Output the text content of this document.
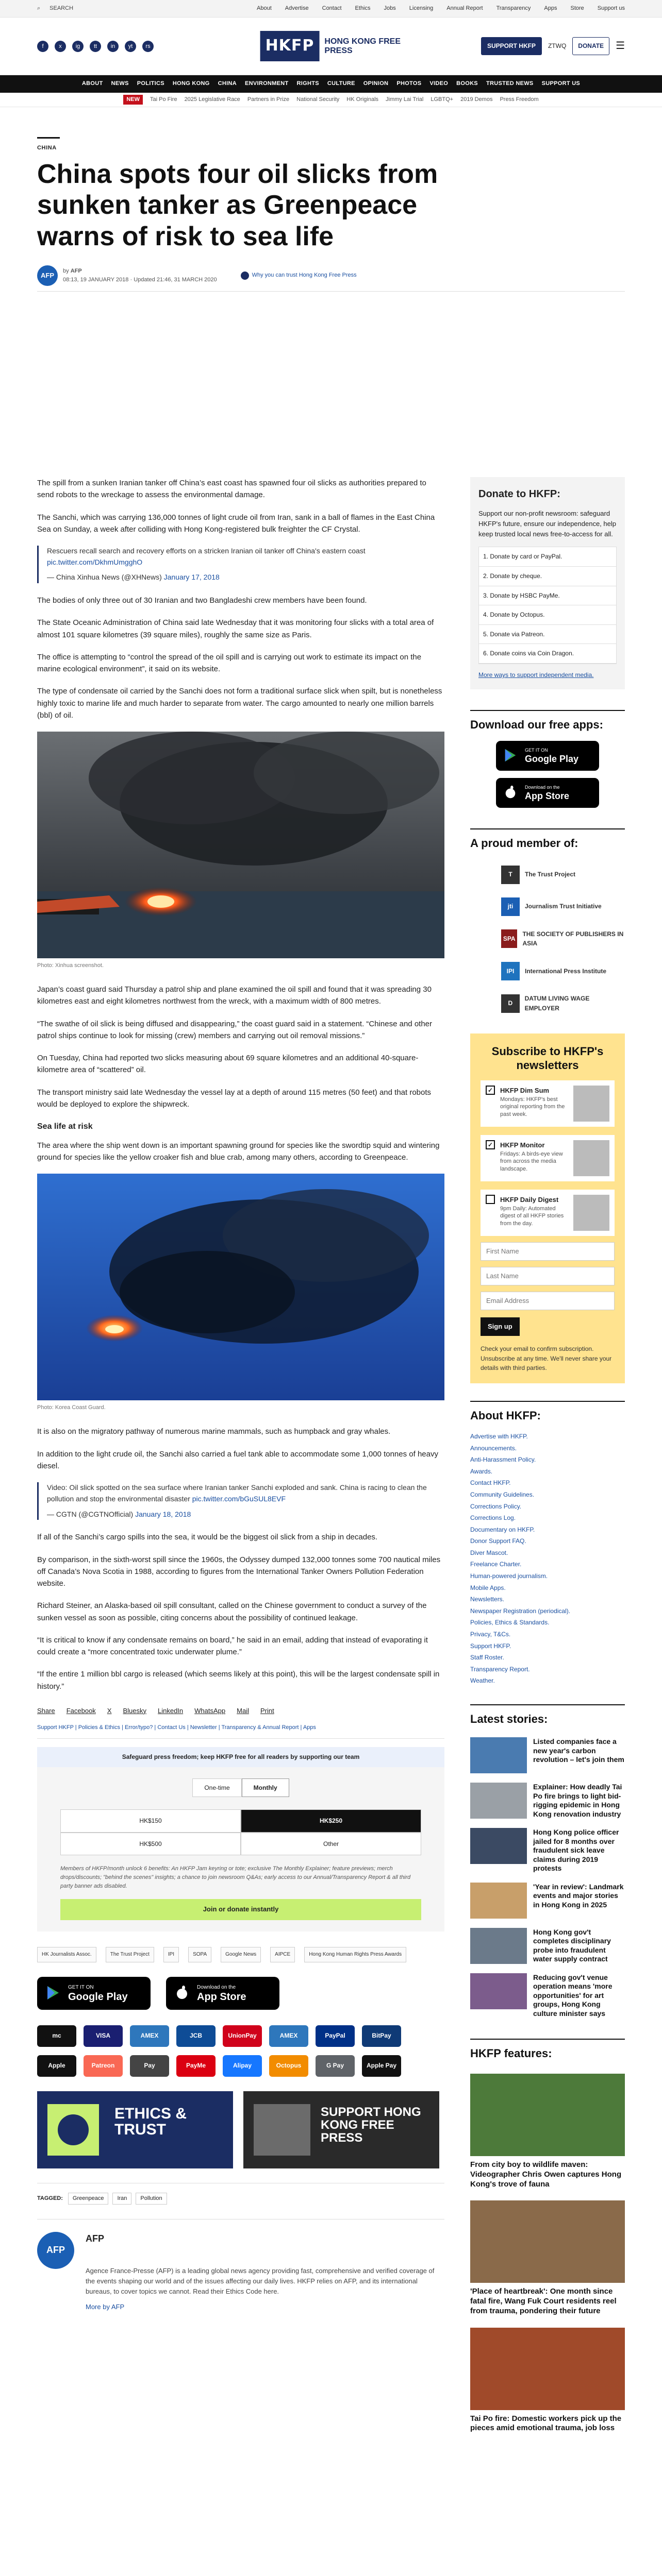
⌕ SEARCH	About Advertise Contact Ethics Jobs Licensing Annual Report Transparency Apps Store Support us
f	x	ig	tt	in	yt	rs	HKFP	HONG KONG FREE PRESS
SUPPORT HKFP	ZTWQ	DONATE	☰
ABOUT NEWS POLITICS HONG KONG CHINA ENVIRONMENT RIGHTS CULTURE OPINION PHOTOS VIDEO BOOKS TRUSTED NEWS SUPPORT US
NEW	Tai Po Fire 2025 Legislative Race Partners in Prize National Security HK Originals Jimmy Lai Trial LGBTQ+ 2019 Demos Press Freedom
CHINA
China spots four oil slicks from sunken tanker as Greenpeace warns of risk to sea life
AFP
by AFP
08:13, 19 JANUARY 2018 · Updated 21:46, 31 MARCH 2020
Why you can trust Hong Kong Free Press

The spill from a sunken Iranian tanker off China’s east coast has spawned four oil slicks as authorities prepared to send robots to the wreckage to assess the environmental damage.

The Sanchi, which was carrying 136,000 tonnes of light crude oil from Iran, sank in a ball of flames in the East China Sea on Sunday, a week after colliding with Hong Kong-registered bulk freighter the CF Crystal.

Rescuers recall search and recovery efforts on a stricken Iranian oil tanker off China's eastern coast pic.twitter.com/DkhmUmgghO
— China Xinhua News (@XHNews) January 17, 2018

The bodies of only three out of 30 Iranian and two Bangladeshi crew members have been found.

The State Oceanic Administration of China said late Wednesday that it was monitoring four slicks with a total area of almost 101 square kilometres (39 square miles), roughly the same size as Paris.

The office is attempting to “control the spread of the oil spill and is carrying out work to estimate its impact on the marine ecological environment”, it said on its website.

The type of condensate oil carried by the Sanchi does not form a traditional surface slick when spilt, but is nonetheless highly toxic to marine life and much harder to separate from water. The cargo amounted to nearly one million barrels (bbl) of oil.

Photo: Xinhua screenshot.

Japan’s coast guard said Thursday a patrol ship and plane examined the oil spill and found that it was spreading 30 kilometres east and eight kilometres northwest from the wreck, with a maximum width of 800 metres.

“The swathe of oil slick is being diffused and disappearing,” the coast guard said in a statement. “Chinese and other patrol ships continue to look for missing (crew) members and carrying out oil removal missions.”

On Tuesday, China had reported two slicks measuring about 69 square kilometres and an additional 40-square-kilometre area of “scattered” oil.

The transport ministry said late Wednesday the vessel lay at a depth of around 115 metres (50 feet) and that robots would be deployed to explore the shipwreck.

Sea life at risk

The area where the ship went down is an important spawning ground for species like the swordtip squid and wintering ground for species like the yellow croaker fish and blue crab, among many others, according to Greenpeace.

Photo: Korea Coast Guard.

It is also on the migratory pathway of numerous marine mammals, such as humpback and gray whales.

In addition to the light crude oil, the Sanchi also carried a fuel tank able to accommodate some 1,000 tonnes of heavy diesel.

Video: Oil slick spotted on the sea surface where Iranian tanker Sanchi exploded and sank. China is racing to clean the pollution and stop the environmental disaster pic.twitter.com/bGuSUL8EVF
— CGTN (@CGTNOfficial) January 18, 2018

If all of the Sanchi’s cargo spills into the sea, it would be the biggest oil slick from a ship in decades.

By comparison, in the sixth-worst spill since the 1960s, the Odyssey dumped 132,000 tonnes some 700 nautical miles off Canada’s Nova Scotia in 1988, according to figures from the International Tanker Owners Pollution Federation website.

Richard Steiner, an Alaska-based oil spill consultant, called on the Chinese government to conduct a survey of the sunken vessel as soon as possible, citing concerns about the possibility of continued leakage.

“It is critical to know if any condensate remains on board,” he said in an email, adding that instead of evaporating it could create a “more concentrated toxic underwater plume.”

“If the entire 1 million bbl cargo is released (which seems likely at this point), this will be the largest condensate spill in history.”

Share Facebook X Bluesky LinkedIn WhatsApp Mail Print
Support HKFP | Policies & Ethics | Error/typo? | Contact Us | Newsletter | Transparency & Annual Report | Apps
Safeguard press freedom; keep HKFP free for all readers by supporting our team
One-time	Monthly
HK$150	HK$250
HK$500	Other
Members of HKFP/month unlock 6 benefits: An HKFP Jam keyring or tote; exclusive The Monthly Explainer; feature previews; merch drops/discounts; "behind the scenes" insights; a chance to join newsroom Q&As; early access to our Annual/Transparency Report & all third party banner ads disabled.
Join or donate instantly
HK Journalists Assoc.	The Trust Project	IPI	SOPA	Google News	AIPCE	Hong Kong Human Rights Press Awards
GET IT ON
Google Play
Download on the
App Store
mc	VISA	AMEX	JCB	UnionPay	AMEX	PayPal	BitPay
Apple	Patreon	Pay	PayMe	Alipay	Octopus	G Pay	Apple Pay
ETHICS & TRUST
SUPPORT HONG KONG FREE PRESS
TAGGED:	Greenpeace	Iran	Pollution
AFP
AFP
Agence France-Presse (AFP) is a leading global news agency providing fast, comprehensive and verified coverage of the events shaping our world and of the issues affecting our daily lives. HKFP relies on AFP, and its international bureaus, to cover topics we cannot. Read their Ethics Code here.
More by AFP
Donate to HKFP:
Support our non-profit newsroom: safeguard HKFP's future, ensure our independence, help keep trusted local news free-to-access for all.
1. Donate by card or PayPal.
2. Donate by cheque.
3. Donate by HSBC PayMe.
4. Donate by Octopus.
5. Donate via Patreon.
6. Donate coins via Coin Dragon.
More ways to support independent media.
Download our free apps:
GET IT ON
Google Play
Download on the
App Store
A proud member of:
T	The Trust Project
jti	Journalism Trust Initiative
SPA
THE SOCIETY OF PUBLISHERS IN ASIA
IPI	International Press Institute
D
DATUM LIVING WAGE EMPLOYER
Subscribe to HKFP's newsletters
✓	HKFP Dim Sum
Mondays: HKFP's best original reporting from the past week.
✓	HKFP Monitor
Fridays: A birds-eye view from across the media landscape.
HKFP Daily Digest
9pm Daily: Automated digest of all HKFP stories from the day.
First NameLast NameEmail Address
Sign up
Check your email to confirm subscription. Unsubscribe at any time. We'll never share your details with third parties.
About HKFP:
Advertise with HKFP.
Announcements.
Anti-Harassment Policy.
Awards.
Contact HKFP.
Community Guidelines.
Corrections Policy.
Corrections Log.
Documentary on HKFP.
Donor Support FAQ.
Diver Mascot.
Freelance Charter.
Human-powered journalism.
Mobile Apps.
Newsletters.
Newspaper Registration (periodical).
Policies, Ethics & Standards.
Privacy, T&Cs.
Support HKFP.
Staff Roster.
Transparency Report.
Weather.
Latest stories:
Listed companies face a new year's carbon revolution – let's join them
Explainer: How deadly Tai Po fire brings to light bid-rigging epidemic in Hong Kong renovation industry
Hong Kong police officer jailed for 8 months over fraudulent sick leave claims during 2019 protests
'Year in review': Landmark events and major stories in Hong Kong in 2025
Hong Kong gov't completes disciplinary probe into fraudulent water supply contract
Reducing gov't venue operation means 'more opportunities' for art groups, Hong Kong culture minister says
HKFP features:
From city boy to wildlife maven: Videographer Chris Owen captures Hong Kong's trove of fauna
'Place of heartbreak': One month since fatal fire, Wang Fuk Court residents reel from trauma, pondering their future
Tai Po fire: Domestic workers pick up the pieces amid emotional trauma, job loss
